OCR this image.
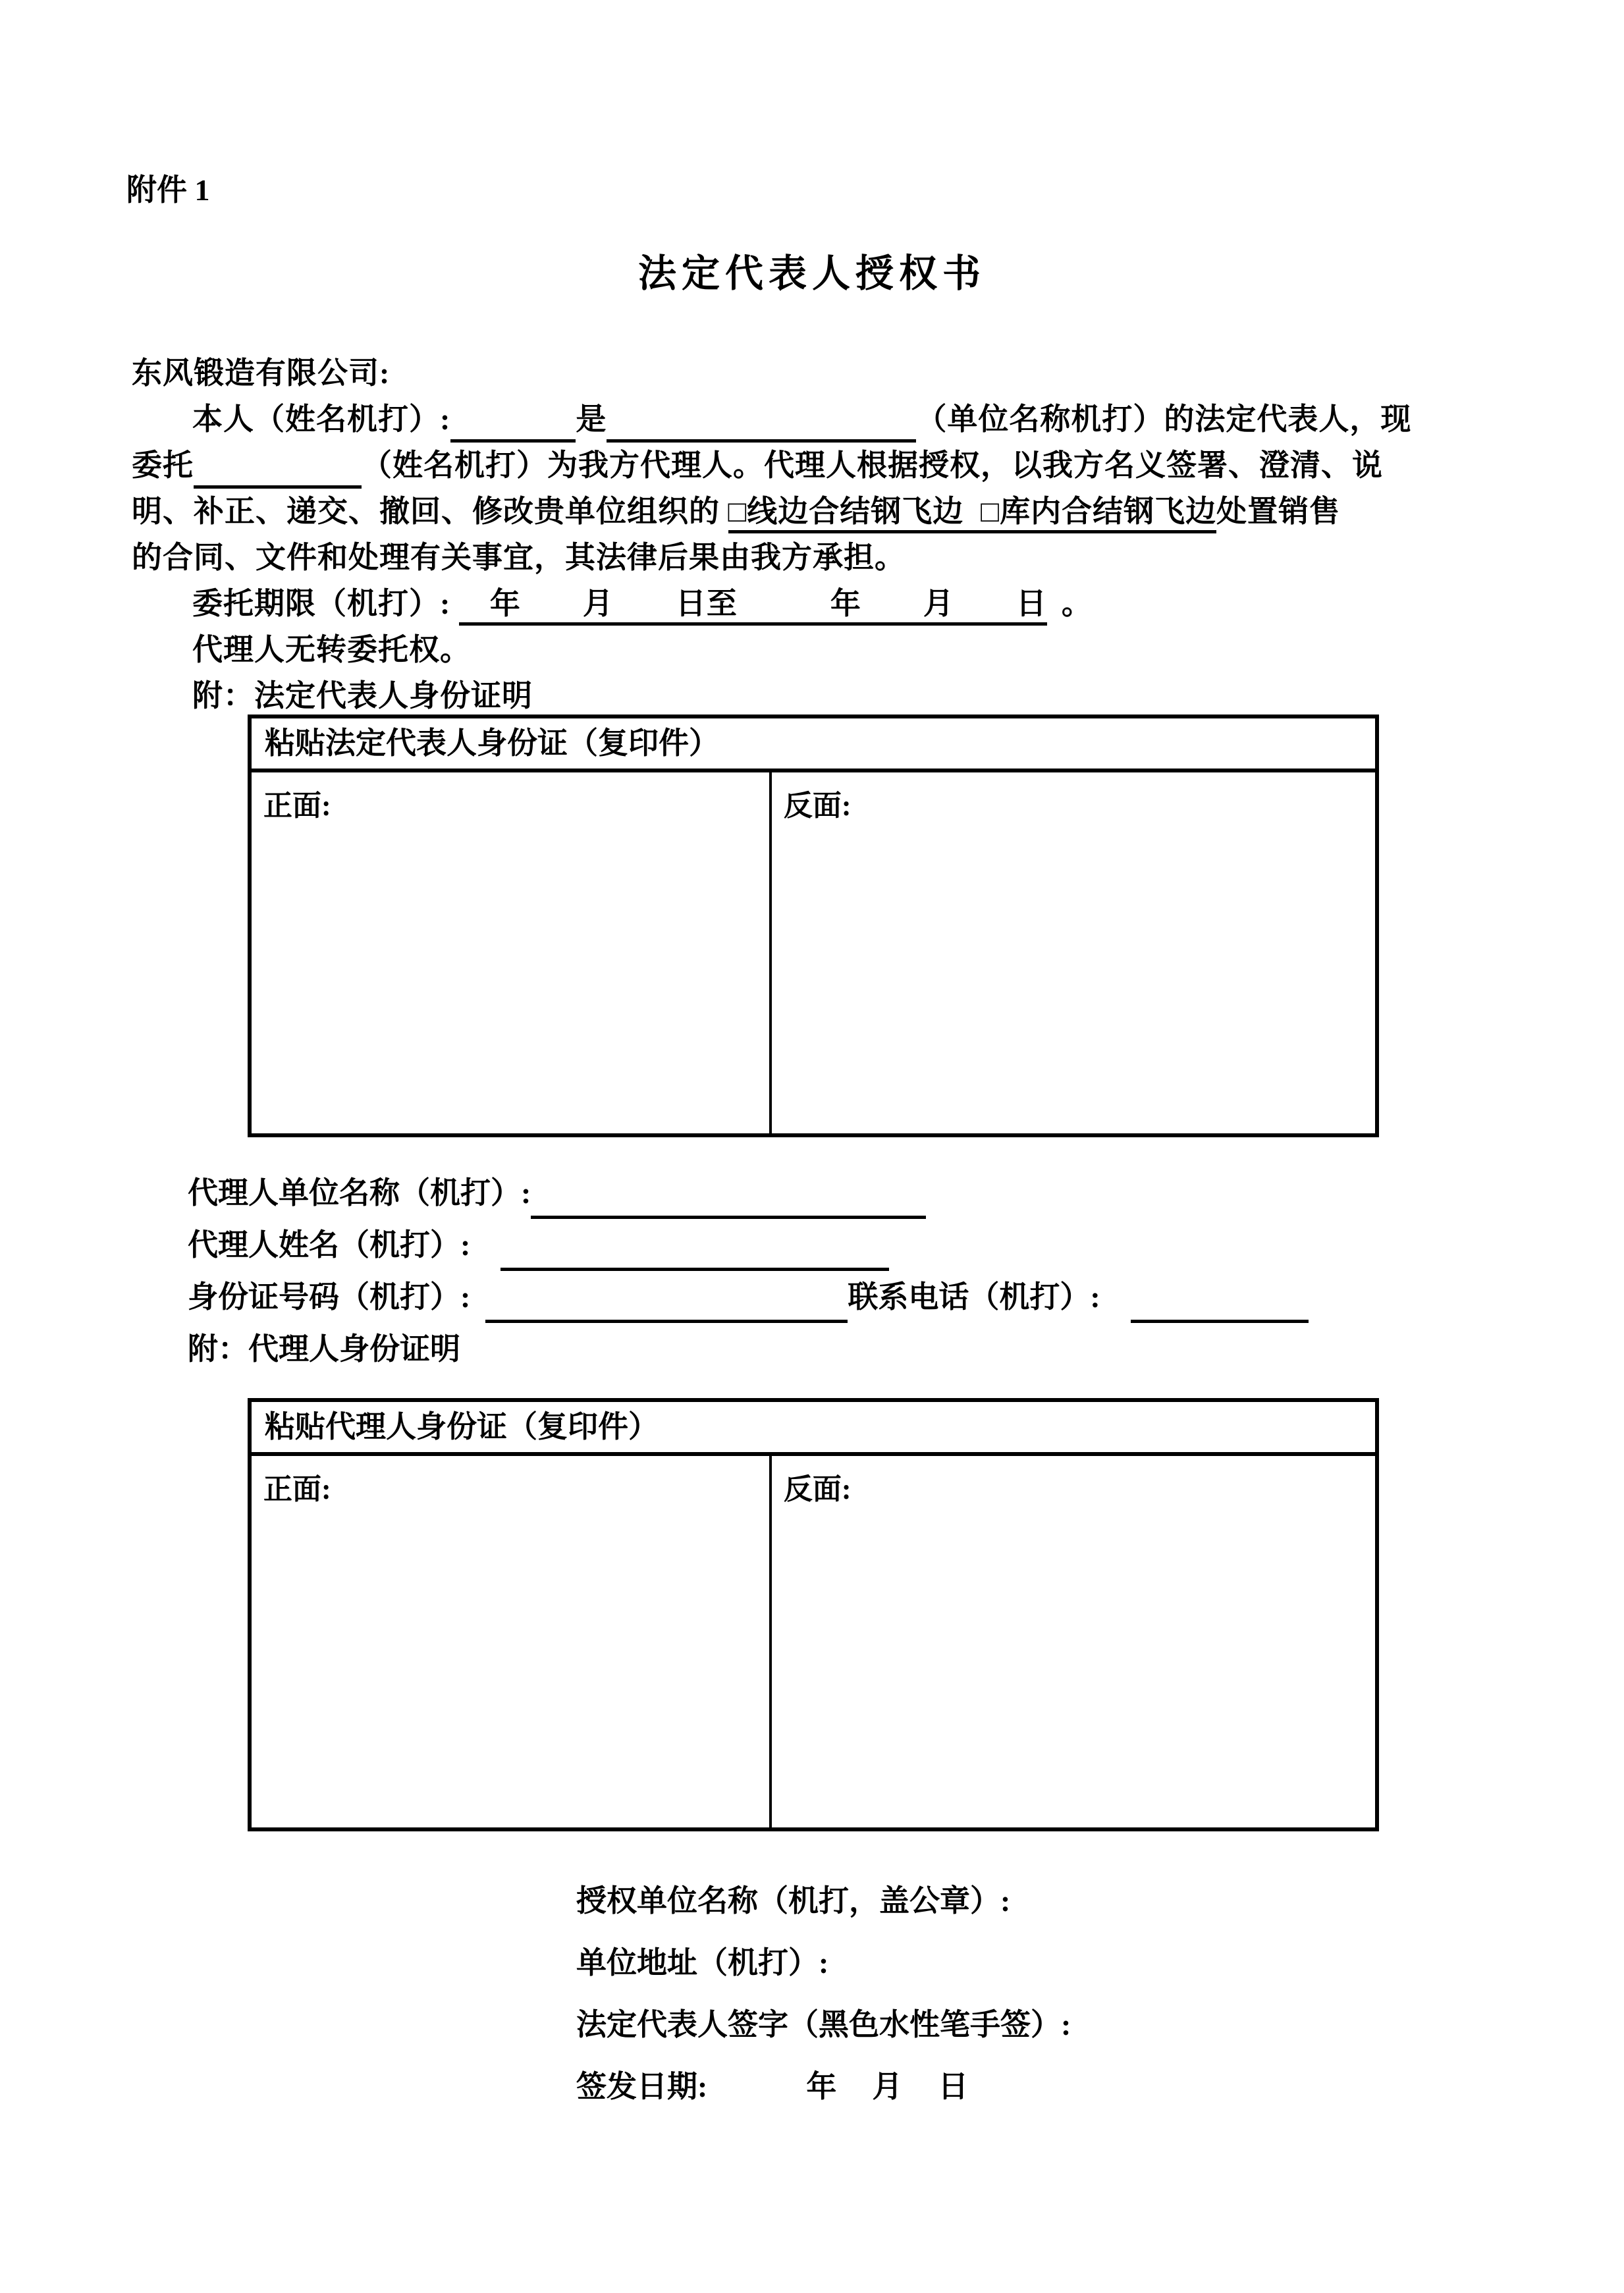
附件 1
法定代表人授权书
东风锻造有限公司:
本人（姓名机打）:	是	（单位名称机打）的法定代表人，现
委托	（姓名机打）为我方代理人。代理人根据授权，以我方名义签署、澄清、说
明、补正、递交、撤回、修改贵单位组织的 □线边合结钢飞边 □库内合结钢飞边处置销售
的合同、文件和处理有关事宜，其法律后果由我方承担。
委托期限（机打）: 　年　　月　　日至　　　年　　月　　日 。
代理人无转委托权。
附：法定代表人身份证明
粘贴法定代表人身份证（复印件）
正面:	反面:
代理人单位名称（机打）:
代理人姓名（机打）: 
身份证号码（机打）: 	联系电话（机打）: 
附：代理人身份证明
粘贴代理人身份证（复印件）
正面:	反面:
授权单位名称（机打，盖公章）:
单位地址（机打）:
法定代表人签字（黑色水性笔手签）:
签发日期:	年　月　日
